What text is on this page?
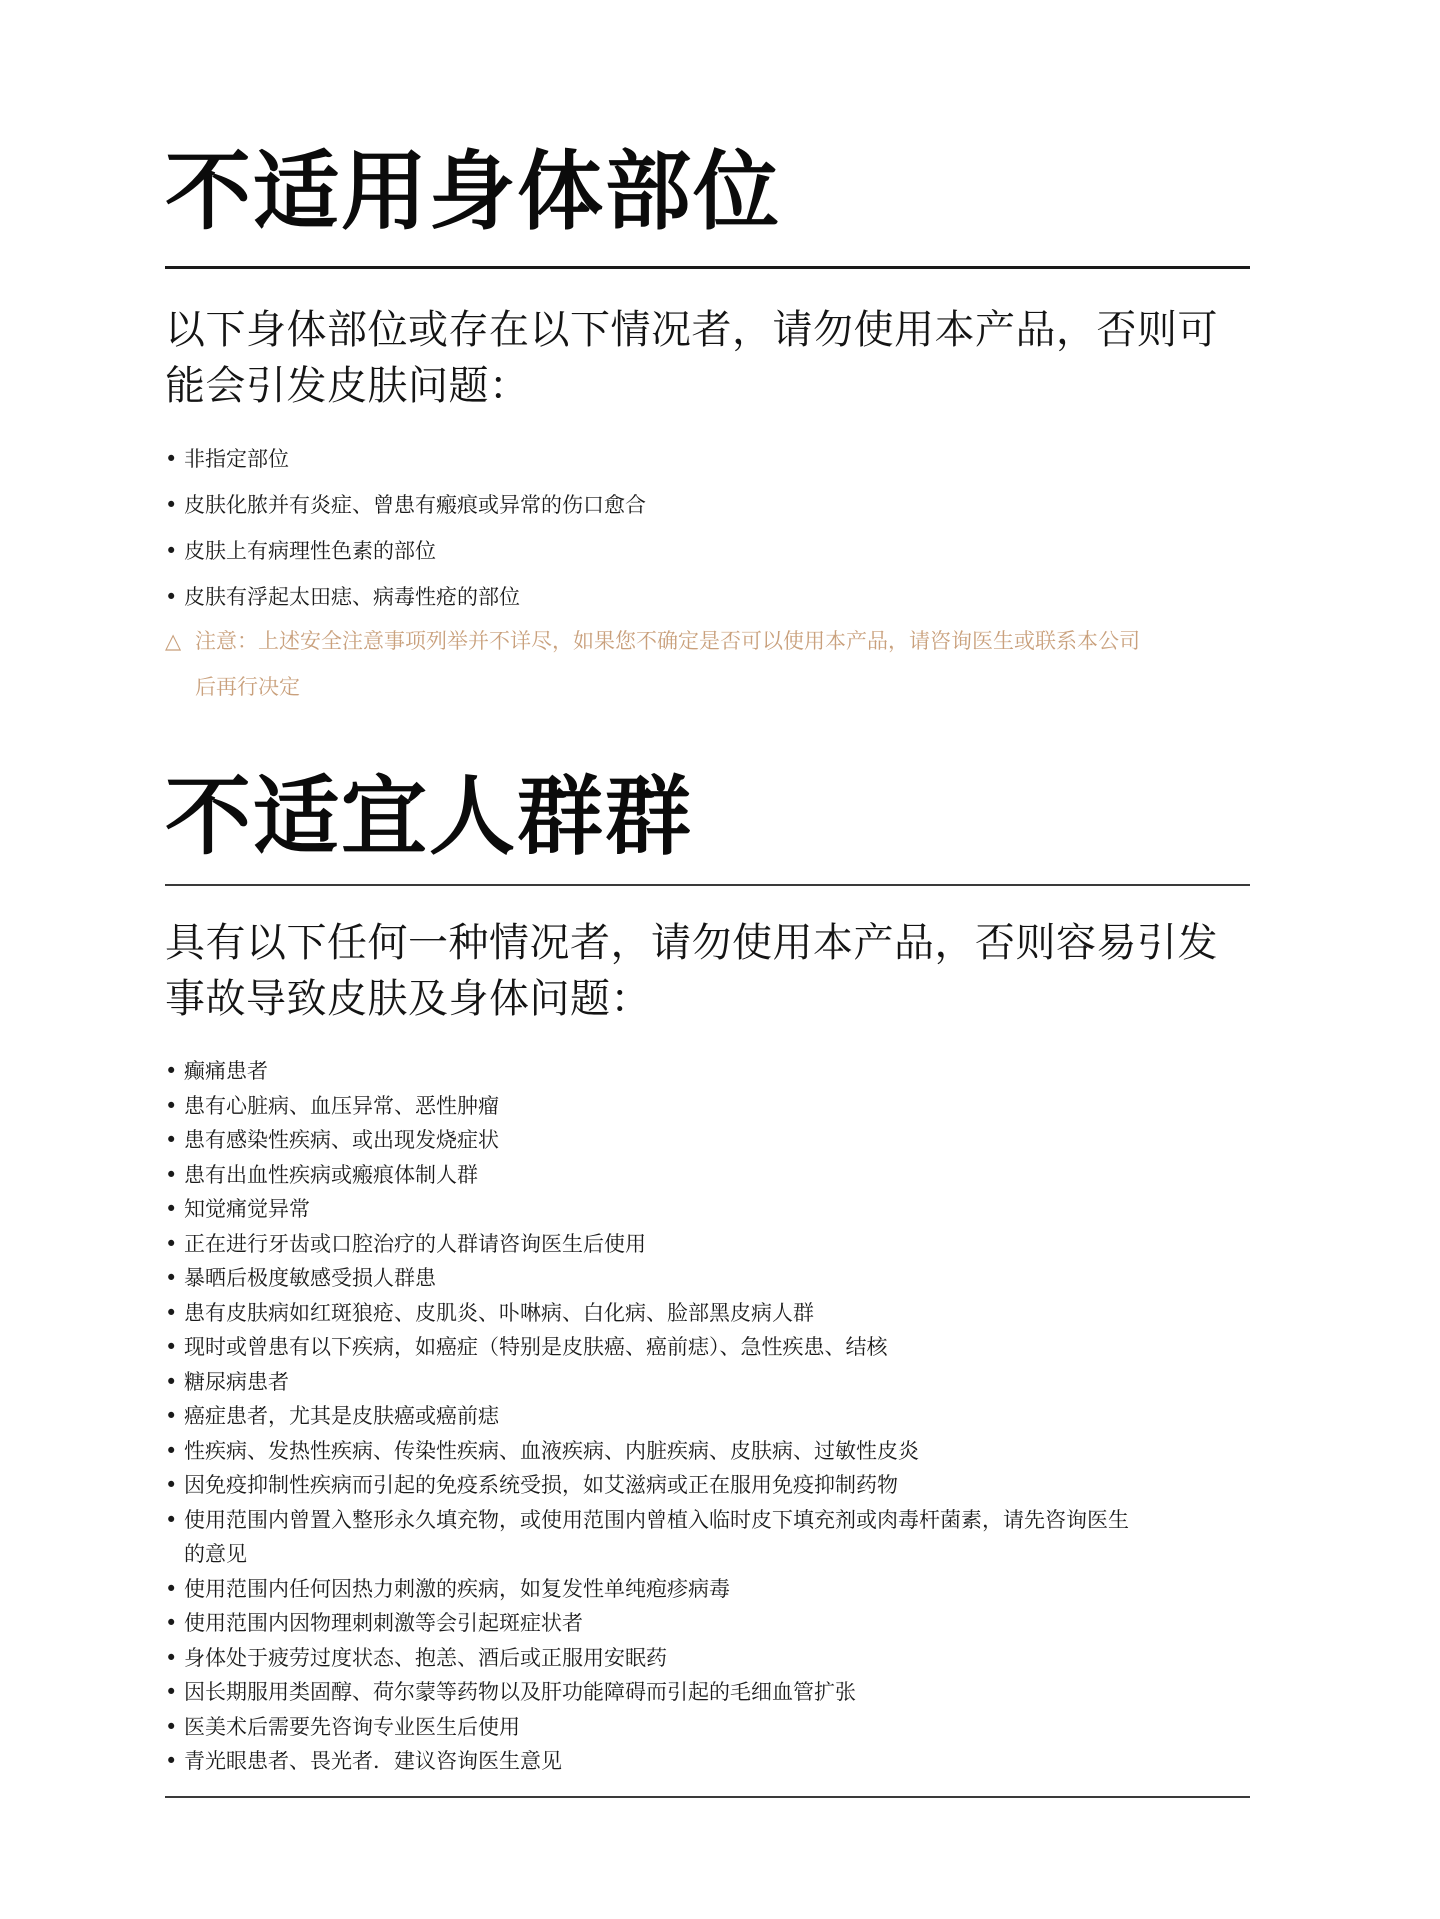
不适用身体部位

以下身体部位或存在以下情况者，请勿使用本产品，否则可能会引发皮肤问题：

• 非指定部位
• 皮肤化脓并有炎症、曾患有瘢痕或异常的伤口愈合
• 皮肤上有病理性色素的部位
• 皮肤有浮起太田痣、病毒性疮的部位
△ 注意：上述安全注意事项列举并不详尽，如果您不确定是否可以使用本产品，请咨询医生或联系本公司
后再行决定
不适宜人群群

具有以下任何一种情况者，请勿使用本产品，否则容易引发事故导致皮肤及身体问题：

• 癫痛患者
• 患有心脏病、血压异常、恶性肿瘤
• 患有感染性疾病、或出现发烧症状
• 患有出血性疾病或瘢痕体制人群
• 知觉痛觉异常
• 正在进行牙齿或口腔治疗的人群请咨询医生后使用
• 暴晒后极度敏感受损人群患
• 患有皮肤病如红斑狼疮、皮肌炎、卟啉病、白化病、脸部黑皮病人群
• 现时或曾患有以下疾病，如癌症（特别是皮肤癌、癌前痣）、急性疾患、结核
• 糖尿病患者
• 癌症患者，尤其是皮肤癌或癌前痣
• 性疾病、发热性疾病、传染性疾病、血液疾病、内脏疾病、皮肤病、过敏性皮炎
• 因免疫抑制性疾病而引起的免疫系统受损，如艾滋病或正在服用免疫抑制药物
• 使用范围内曾置入整形永久填充物，或使用范围内曾植入临时皮下填充剂或肉毒杆菌素，请先咨询医生的意见
• 使用范围内任何因热力刺激的疾病，如复发性单纯疱疹病毒
• 使用范围内因物理刺刺激等会引起斑症状者
• 身体处于疲劳过度状态、抱恙、酒后或正服用安眠药
• 因长期服用类固醇、荷尔蒙等药物以及肝功能障碍而引起的毛细血管扩张
• 医美术后需要先咨询专业医生后使用
• 青光眼患者、畏光者．建议咨询医生意见
